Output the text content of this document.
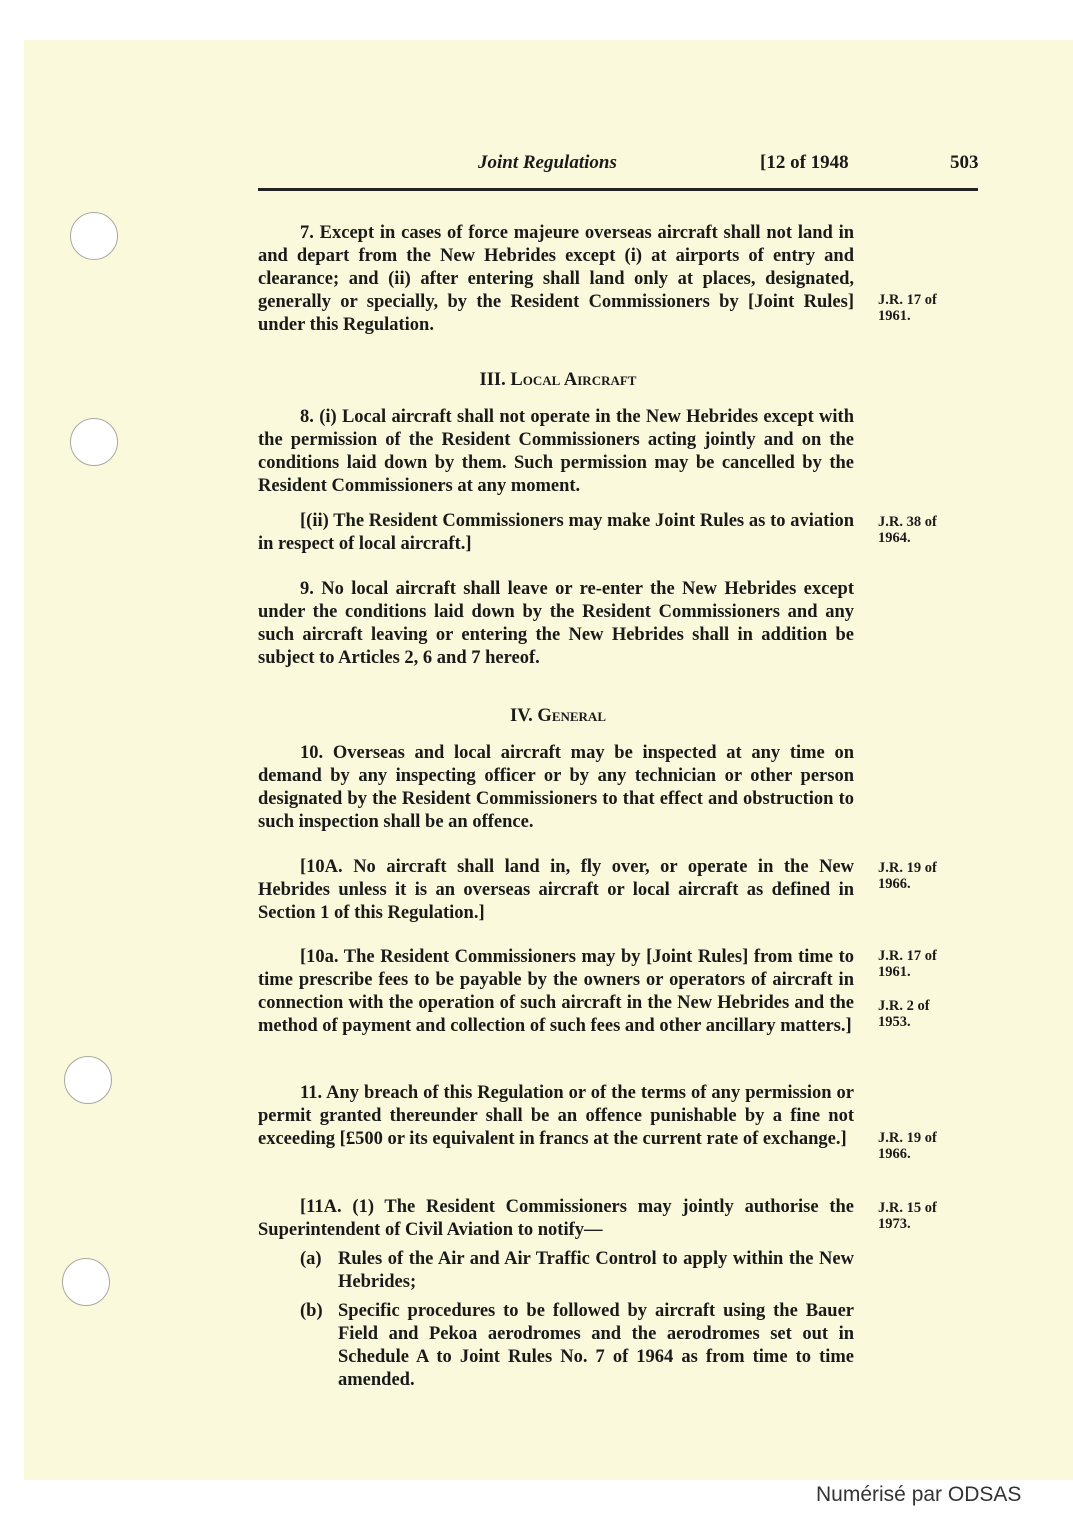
Joint Regulations	[12 of 1948	503

7. Except in cases of force majeure overseas aircraft shall not land in and depart from the New Hebrides except (i) at airports of entry and clearance; and (ii) after entering shall land only at places, designated, generally or specially, by the Resident Commissioners by [Joint Rules] under this Regulation.

J.R. 17 of
1961.
III. Local Aircraft

8. (i) Local aircraft shall not operate in the New Hebrides except with the permission of the Resident Commissioners acting jointly and on the conditions laid down by them. Such permission may be cancelled by the Resident Commissioners at any moment.

[(ii) The Resident Commissioners may make Joint Rules as to aviation in respect of local aircraft.]

J.R. 38 of
1964.

9. No local aircraft shall leave or re-enter the New Hebrides except under the conditions laid down by the Resident Commissioners and any such aircraft leaving or entering the New Hebrides shall in addition be subject to Articles 2, 6 and 7 hereof.

IV. General

10. Overseas and local aircraft may be inspected at any time on demand by any inspecting officer or by any technician or other person designated by the Resident Commissioners to that effect and obstruction to such inspection shall be an offence.

[10A. No aircraft shall land in, fly over, or operate in the New Hebrides unless it is an overseas aircraft or local aircraft as defined in Section 1 of this Regulation.]

J.R. 19 of
1966.

[10a. The Resident Commissioners may by [Joint Rules] from time to time prescribe fees to be payable by the owners or operators of aircraft in connection with the operation of such aircraft in the New Hebrides and the method of payment and collection of such fees and other ancillary matters.]

J.R. 17 of
1961.
J.R. 2 of
1953.

11. Any breach of this Regulation or of the terms of any permission or permit granted thereunder shall be an offence punishable by a fine not exceeding [£500 or its equivalent in francs at the current rate of exchange.]	J.R. 19 of
1966.

[11A. (1) The Resident Commissioners may jointly authorise the Superintendent of Civil Aviation to notify—

J.R. 15 of
1973.
(a) Rules of the Air and Air Traffic Control to apply within the New Hebrides;
(b) Specific procedures to be followed by aircraft using the Bauer Field and Pekoa aerodromes and the aerodromes set out in Schedule A to Joint Rules No. 7 of 1964 as from time to time amended.
Numérisé par ODSAS
